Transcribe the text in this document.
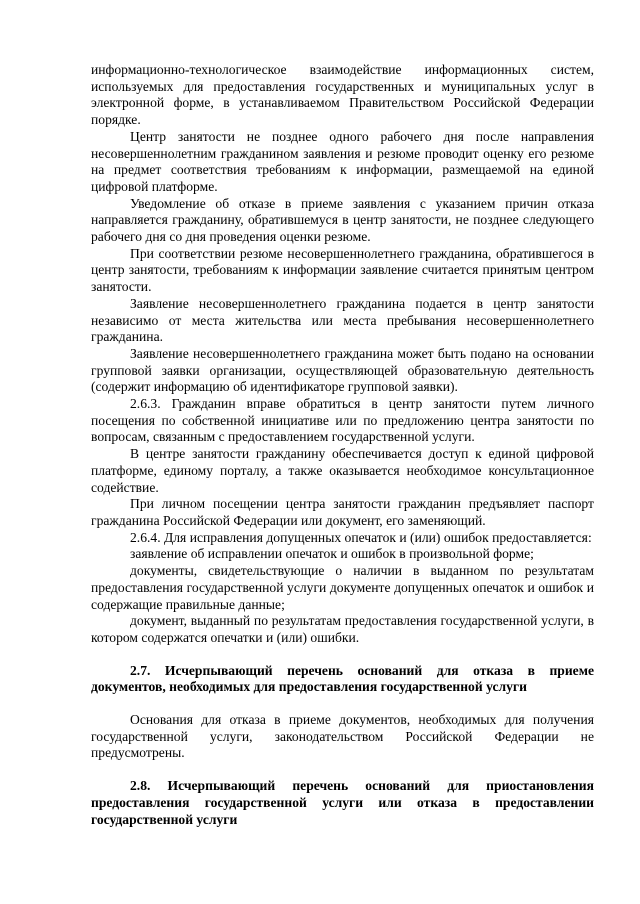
информационно-технологическое взаимодействие информационных систем, используемых для предоставления государственных и муниципальных услуг в электронной форме, в устанавливаемом Правительством Российской Федерации порядке.

Центр занятости не позднее одного рабочего дня после направления несовершеннолетним гражданином заявления и резюме проводит оценку его резюме на предмет соответствия требованиям к информации, размещаемой на единой цифровой платформе.

Уведомление об отказе в приеме заявления с указанием причин отказа направляется гражданину, обратившемуся в центр занятости, не позднее следующего рабочего дня со дня проведения оценки резюме.

При соответствии резюме несовершеннолетнего гражданина, обратившегося в центр занятости, требованиям к информации заявление считается принятым центром занятости.

Заявление несовершеннолетнего гражданина подается в центр занятости независимо от места жительства или места пребывания несовершеннолетнего гражданина.

Заявление несовершеннолетнего гражданина может быть подано на основании групповой заявки организации, осуществляющей образовательную деятельность (содержит информацию об идентификаторе групповой заявки).

2.6.3. Гражданин вправе обратиться в центр занятости путем личного посещения по собственной инициативе или по предложению центра занятости по вопросам, связанным с предоставлением государственной услуги.

В центре занятости гражданину обеспечивается доступ к единой цифровой платформе, единому порталу, а также оказывается необходимое консультационное содействие.

При личном посещении центра занятости гражданин предъявляет паспорт гражданина Российской Федерации или документ, его заменяющий.

2.6.4. Для исправления допущенных опечаток и (или) ошибок предоставляется:

заявление об исправлении опечаток и ошибок в произвольной форме;

документы, свидетельствующие о наличии в выданном по результатам предоставления государственной услуги документе допущенных опечаток и ошибок и содержащие правильные данные;

документ, выданный по результатам предоставления государственной услуги, в котором содержатся опечатки и (или) ошибки.

2.7. Исчерпывающий перечень оснований для отказа в приеме документов, необходимых для предоставления государственной услуги

Основания для отказа в приеме документов, необходимых для получения государственной услуги, законодательством Российской Федерации не предусмотрены.

2.8. Исчерпывающий перечень оснований для приостановления предоставления государственной услуги или отказа в предоставлении государственной услуги
